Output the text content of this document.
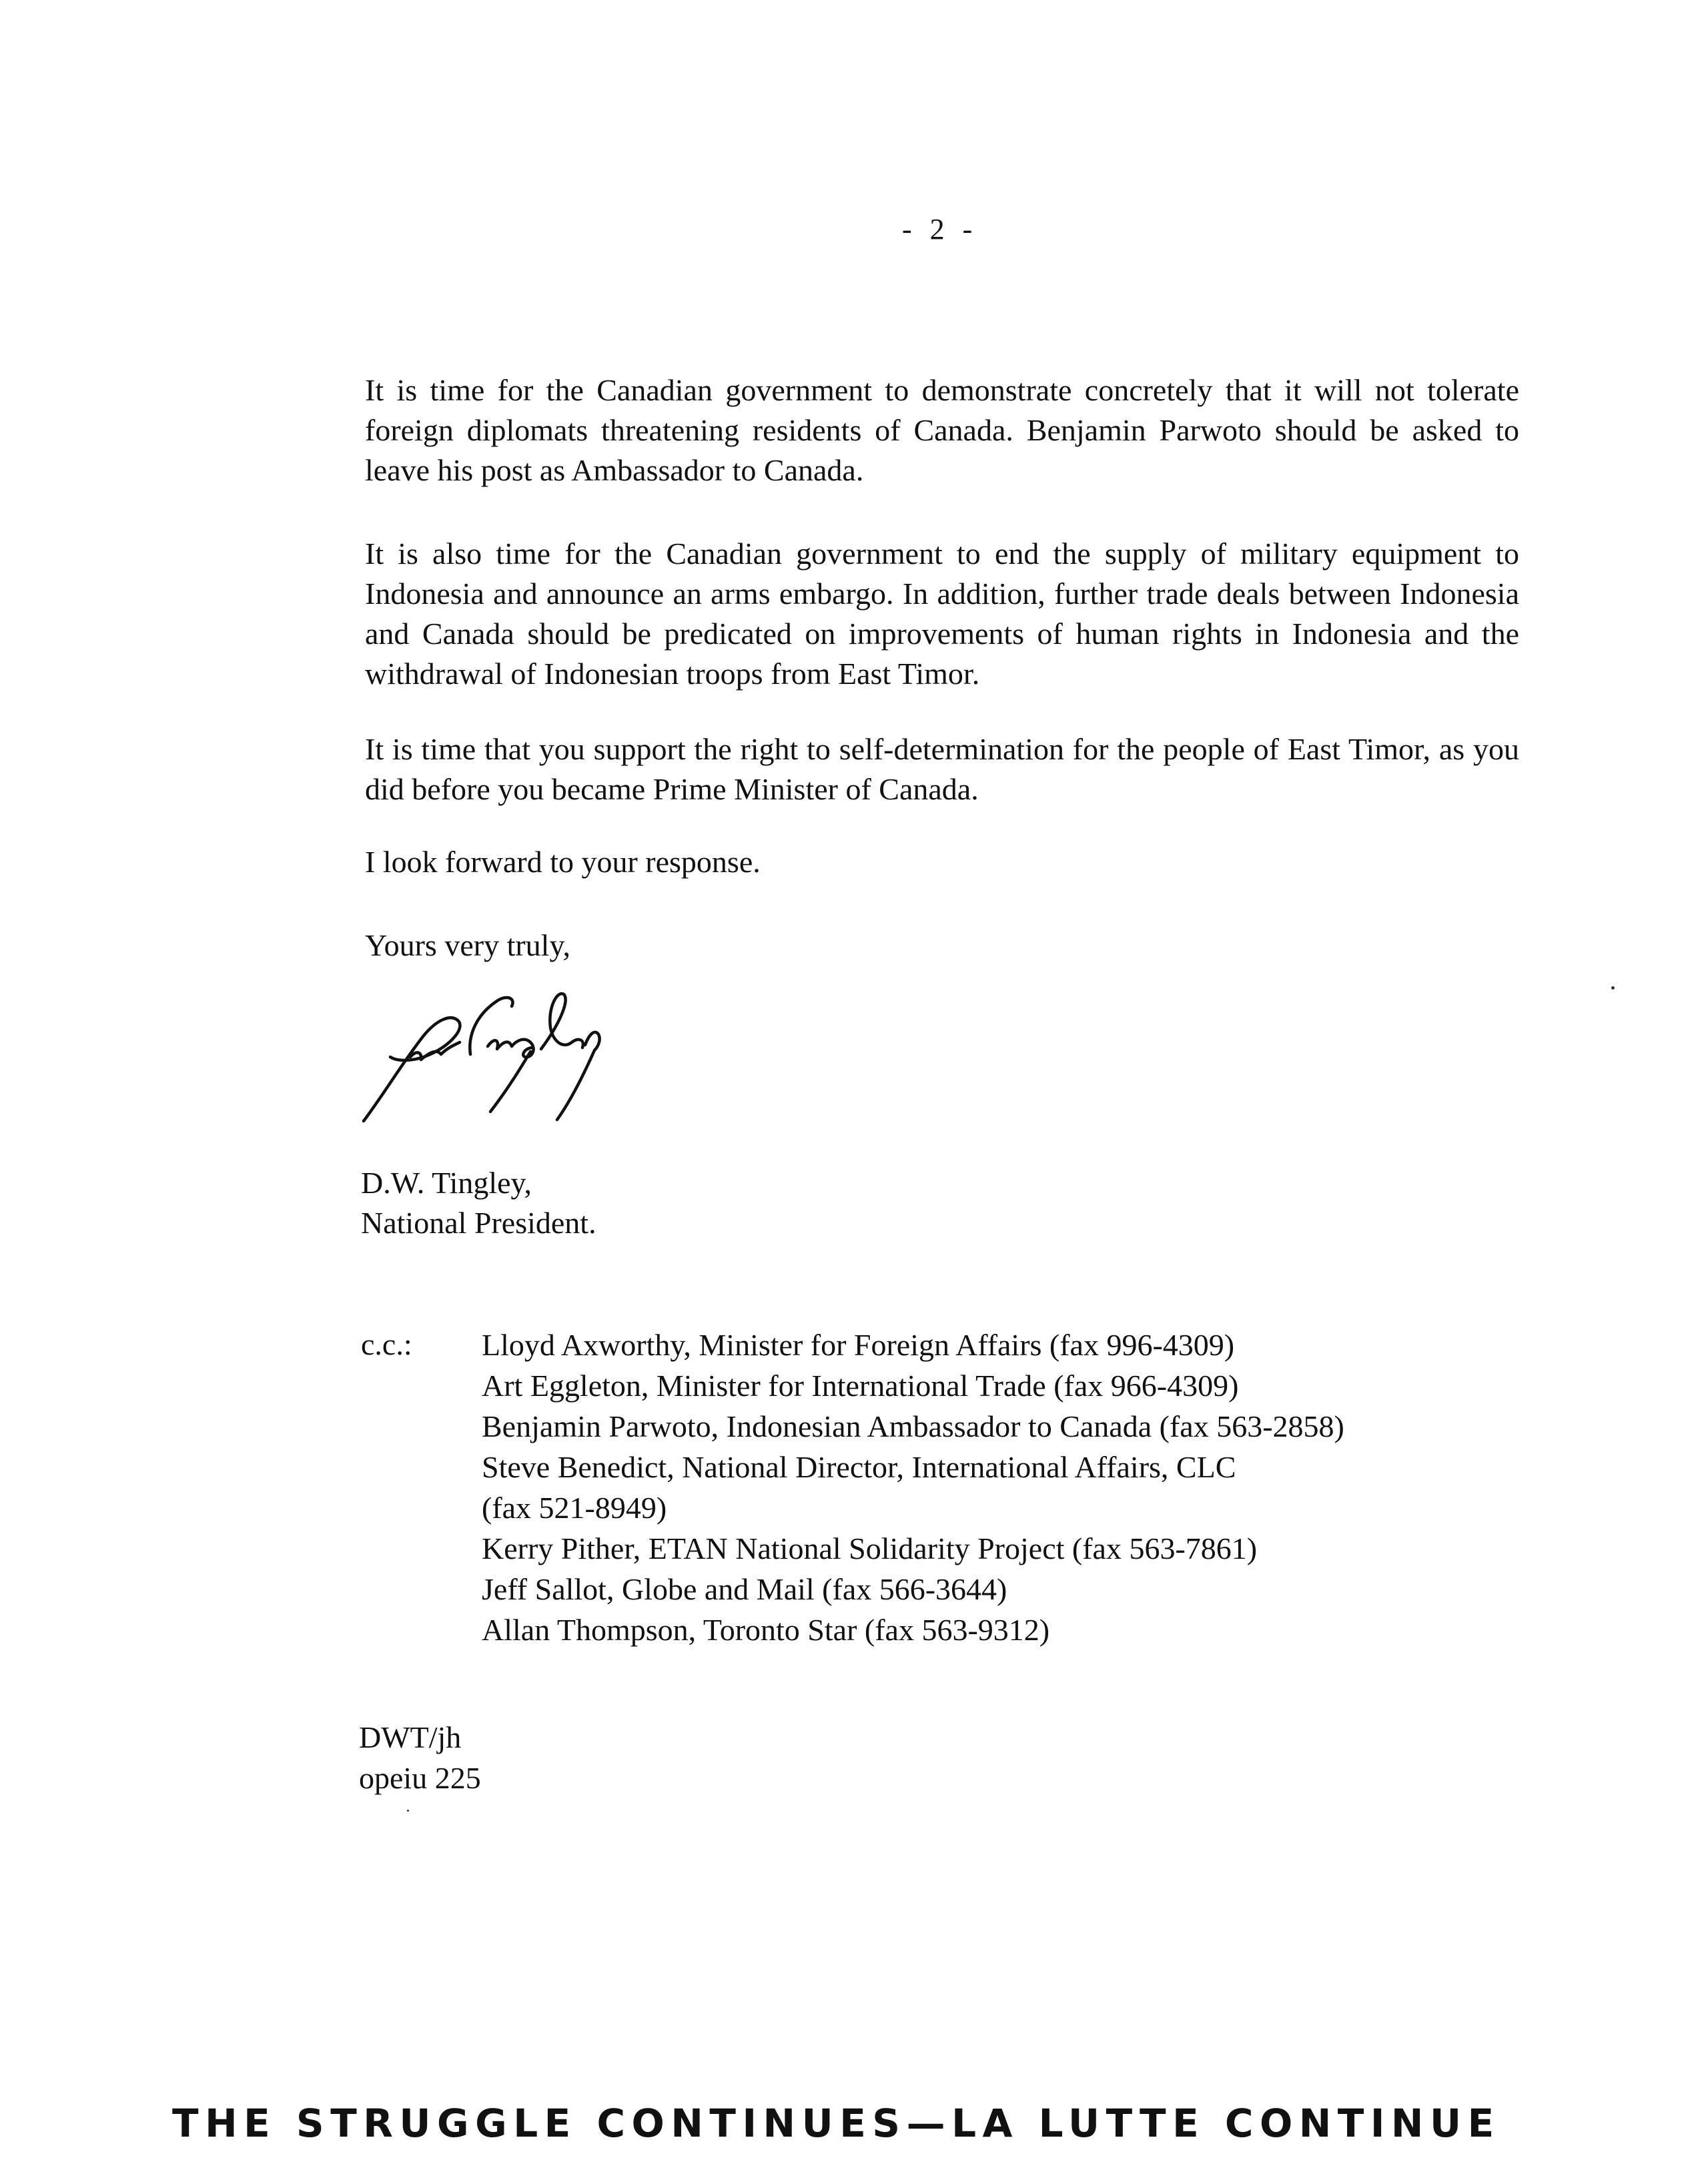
- 2 -

It is time for the Canadian government to demonstrate concretely that it will not tolerate foreign diplomats threatening residents of Canada. Benjamin Parwoto should be asked to leave his post as Ambassador to Canada.

It is also time for the Canadian government to end the supply of military equipment to Indonesia and announce an arms embargo. In addition, further trade deals between Indonesia and Canada should be predicated on improvements of human rights in Indonesia and the withdrawal of Indonesian troops from East Timor.

It is time that you support the right to self-determination for the people of East Timor, as you did before you became Prime Minister of Canada.

I look forward to your response.

Yours very truly,

D.W. Tingley,
National President.
c.c.: Lloyd Axworthy, Minister for Foreign Affairs (fax 996-4309)
Art Eggleton, Minister for International Trade (fax 966-4309)
Benjamin Parwoto, Indonesian Ambassador to Canada (fax 563-2858)
Steve Benedict, National Director, International Affairs, CLC
(fax 521-8949)
Kerry Pither, ETAN National Solidarity Project (fax 563-7861)
Jeff Sallot, Globe and Mail (fax 566-3644)
Allan Thompson, Toronto Star (fax 563-9312)
DWT/jh
opeiu 225
THE STRUGGLE CONTINUES—LA LUTTE CONTINUE
